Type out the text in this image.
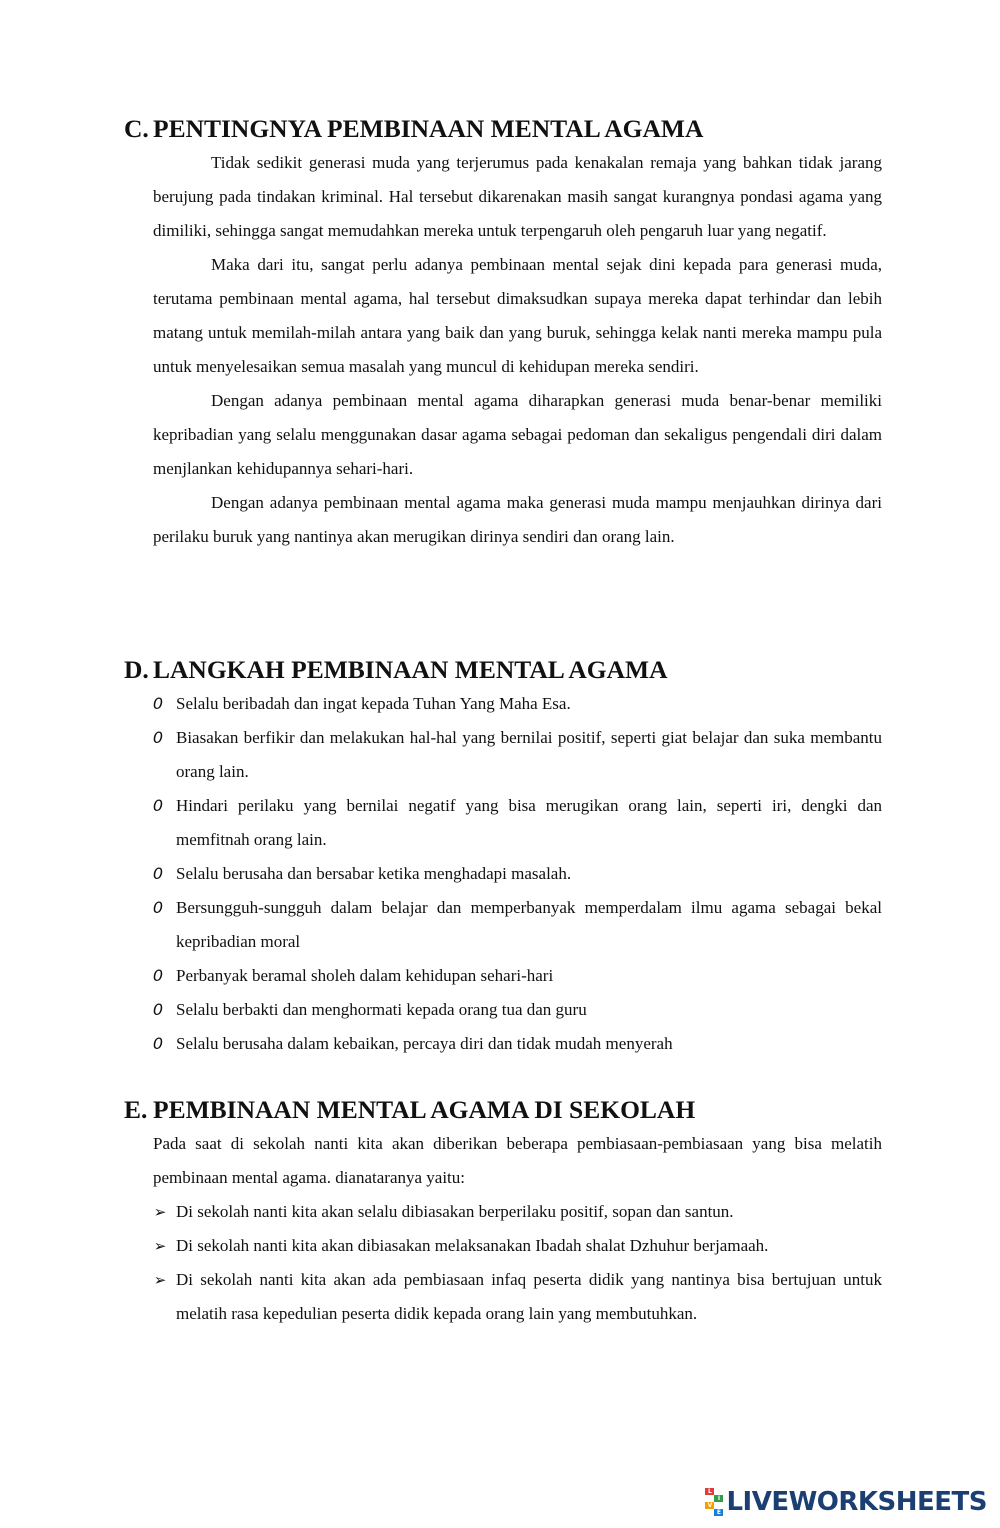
C. PENTINGNYA PEMBINAAN MENTAL AGAMA

Tidak sedikit generasi muda yang terjerumus pada kenakalan remaja yang bahkan tidak jarang berujung pada tindakan kriminal. Hal tersebut dikarenakan masih sangat kurangnya pondasi agama yang dimiliki, sehingga sangat memudahkan mereka untuk terpengaruh oleh pengaruh luar yang negatif.

Maka dari itu, sangat perlu adanya pembinaan mental sejak dini kepada para generasi muda, terutama pembinaan mental agama, hal tersebut dimaksudkan supaya mereka dapat terhindar dan lebih matang untuk memilah-milah antara yang baik dan yang buruk, sehingga kelak nanti mereka mampu pula untuk menyelesaikan semua masalah yang muncul di kehidupan mereka sendiri.

Dengan adanya pembinaan mental agama diharapkan generasi muda benar-benar memiliki kepribadian yang selalu menggunakan dasar agama sebagai pedoman dan sekaligus pengendali diri dalam menjlankan kehidupannya sehari-hari.

Dengan adanya pembinaan mental agama maka generasi muda mampu menjauhkan dirinya dari perilaku buruk yang nantinya akan merugikan dirinya sendiri dan orang lain.

D. LANGKAH PEMBINAAN MENTAL AGAMA
0 Selalu beribadah dan ingat kepada Tuhan Yang Maha Esa.
0 Biasakan berfikir dan melakukan hal-hal yang bernilai positif, seperti giat belajar dan suka membantu orang lain.
0 Hindari perilaku yang bernilai negatif yang bisa merugikan orang lain, seperti iri, dengki dan memfitnah orang lain.
0 Selalu berusaha dan bersabar ketika menghadapi masalah.
0 Bersungguh-sungguh dalam belajar dan memperbanyak memperdalam ilmu agama sebagai bekal kepribadian moral
0 Perbanyak beramal sholeh dalam kehidupan sehari-hari
0 Selalu berbakti dan menghormati kepada orang tua dan guru
0 Selalu berusaha dalam kebaikan, percaya diri dan tidak mudah menyerah
E. PEMBINAAN MENTAL AGAMA DI SEKOLAH

Pada saat di sekolah nanti kita akan diberikan beberapa pembiasaan-pembiasaan yang bisa melatih pembinaan mental agama. dianataranya yaitu:

➢ Di sekolah nanti kita akan selalu dibiasakan berperilaku positif, sopan dan santun.
➢ Di sekolah nanti kita akan dibiasakan melaksanakan Ibadah shalat Dzhuhur berjamaah.
➢ Di sekolah nanti kita akan ada pembiasaan infaq peserta didik yang nantinya bisa bertujuan untuk melatih rasa kepedulian peserta didik kepada orang lain yang membutuhkan.
L
I
V
E LIVEWORKSHEETS
